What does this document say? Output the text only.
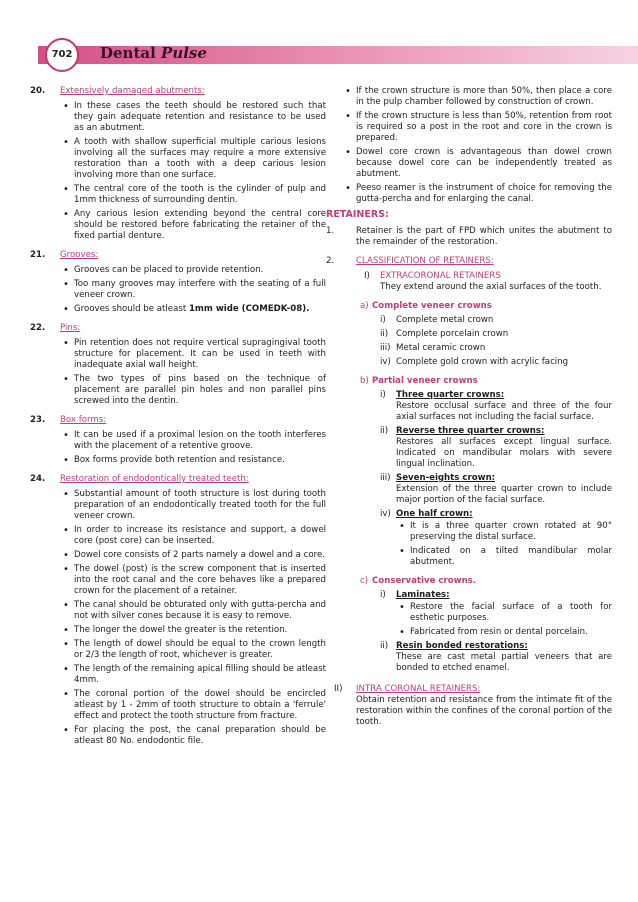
702	Dental Pulse
20. Extensively damaged abutments:
• In these cases the teeth should be restored such that they gain adequate retention and resistance to be used as an abutment.
• A tooth with shallow superficial multiple carious lesions involving all the surfaces may require a more extensive restoration than a tooth with a deep carious lesion involving more than one surface.
• The central core of the tooth is the cylinder of pulp and 1mm thickness of surrounding dentin.
• Any carious lesion extending beyond the central core should be restored before fabricating the retainer of the fixed partial denture.
21. Grooves:
• Grooves can be placed to provide retention.
• Too many grooves may interfere with the seating of a full veneer crown.
• Grooves should be atleast 1mm wide (COMEDK-08).
22. Pins:
• Pin retention does not require vertical supragingival tooth structure for placement. It can be used in teeth with inadequate axial wall height.
• The two types of pins based on the technique of placement are parallel pin holes and non parallel pins screwed into the dentin.
23. Box forms:
• It can be used if a proximal lesion on the tooth interferes with the placement of a retentive groove.
• Box forms provide both retention and resistance.
24. Restoration of endodontically treated teeth:
• Substantial amount of tooth structure is lost during tooth preparation of an endodontically treated tooth for the full veneer crown.
• In order to increase its resistance and support, a dowel core (post core) can be inserted.
• Dowel core consists of 2 parts namely a dowel and a core.
• The dowel (post) is the screw component that is inserted into the root canal and the core behaves like a prepared crown for the placement of a retainer.
• The canal should be obturated only with gutta-percha and not with silver cones because it is easy to remove.
• The longer the dowel the greater is the retention.
• The length of dowel should be equal to the crown length or 2/3 the length of root, whichever is greater.
• The length of the remaining apical filling should be atleast 4mm.
• The coronal portion of the dowel should be encircled atleast by 1 - 2mm of tooth structure to obtain a 'ferrule' effect and protect the tooth structure from fracture.
• For placing the post, the canal preparation should be atleast 80 No. endodontic file.
• If the crown structure is more than 50%, then place a core in the pulp chamber followed by construction of crown.
• If the crown structure is less than 50%, retention from root is required so a post in the root and core in the crown is prepared.
• Dowel core crown is advantageous than dowel crown because dowel core can be independently treated as abutment.
• Peeso reamer is the instrument of choice for removing the gutta-percha and for enlarging the canal.
RETAINERS:
1.	Retainer is the part of FPD which unites the abutment to the remainder of the restoration.
2.	CLASSIFICATION OF RETAINERS:
I) EXTRACORONAL RETAINERS
They extend around the axial surfaces of the tooth.
a) Complete veneer crowns
i) Complete metal crown
ii) Complete porcelain crown
iii) Metal ceramic crown
iv) Complete gold crown with acrylic facing
b) Partial veneer crowns
i) Three quarter crowns:
Restore occlusal surface and three of the four axial surfaces not including the facial surface.
ii) Reverse three quarter crowns:
Restores all surfaces except lingual surface. Indicated on mandibular molars with severe lingual inclination.
iii) Seven-eights crown:
Extension of the three quarter crown to include major portion of the facial surface.
iv) One half crown:
• It is a three quarter crown rotated at 90° preserving the distal surface.
• Indicated on a tilted mandibular molar abutment.
c) Conservative crowns.
i) Laminates:
• Restore the facial surface of a tooth for esthetic purposes.
• Fabricated from resin or dental porcelain.
ii) Resin bonded restorations:
These are cast metal partial veneers that are bonded to etched enamel.
II) INTRA CORONAL RETAINERS:
Obtain retention and resistance from the intimate fit of the restoration within the confines of the coronal portion of the tooth.
